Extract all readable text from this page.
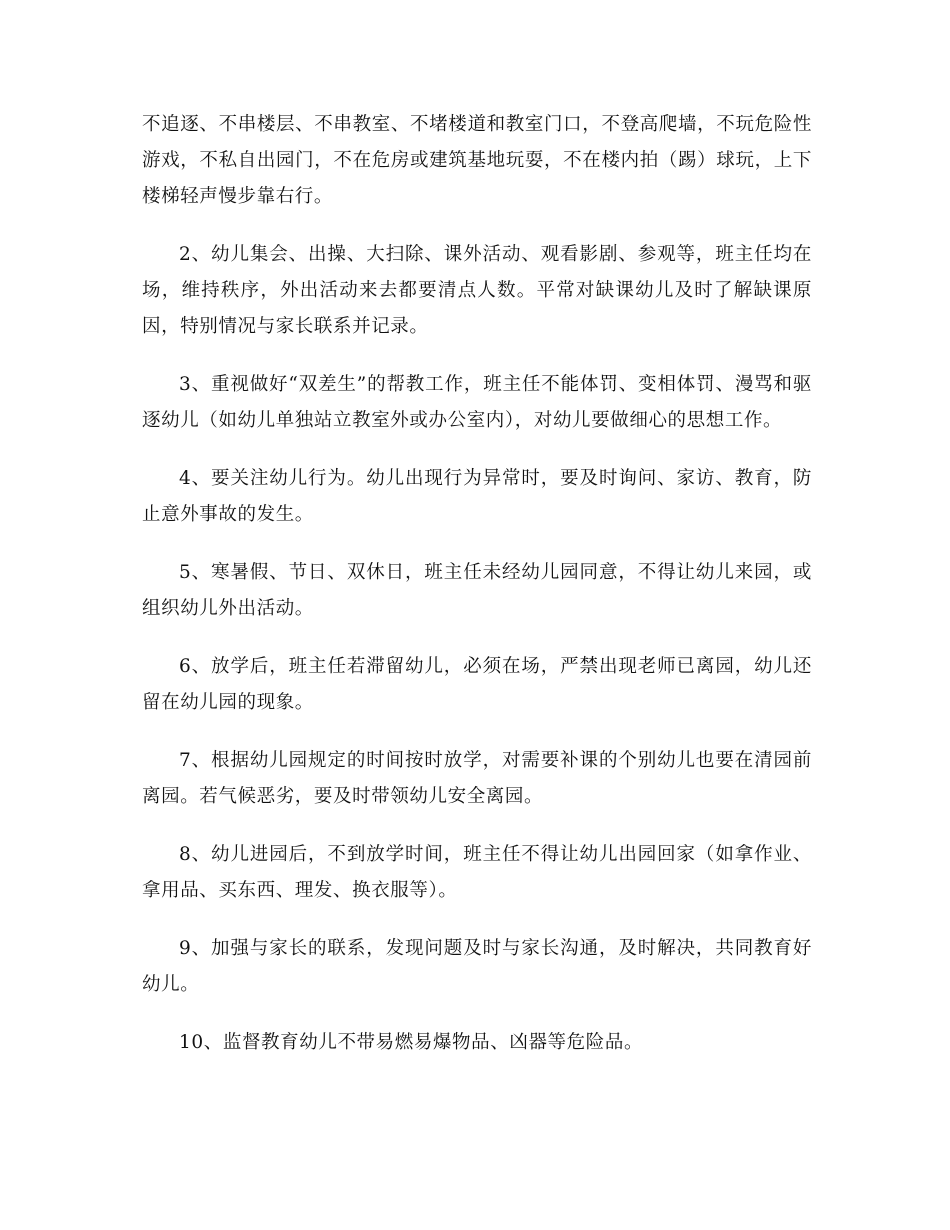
不追逐、不串楼层、不串教室、不堵楼道和教室门口，不登高爬墙，不玩危险性游戏，不私自出园门，不在危房或建筑基地玩耍，不在楼内拍（踢）球玩，上下楼梯轻声慢步靠右行。

2、幼儿集会、出操、大扫除、课外活动、观看影剧、参观等，班主任均在场，维持秩序，外出活动来去都要清点人数。平常对缺课幼儿及时了解缺课原因，特别情况与家长联系并记录。

3、重视做好“双差生”的帮教工作，班主任不能体罚、变相体罚、漫骂和驱逐幼儿（如幼儿单独站立教室外或办公室内），对幼儿要做细心的思想工作。

4、要关注幼儿行为。幼儿出现行为异常时，要及时询问、家访、教育，防止意外事故的发生。

5、寒暑假、节日、双休日，班主任未经幼儿园同意，不得让幼儿来园，或组织幼儿外出活动。

6、放学后，班主任若滞留幼儿，必须在场，严禁出现老师已离园，幼儿还留在幼儿园的现象。

7、根据幼儿园规定的时间按时放学，对需要补课的个别幼儿也要在清园前离园。若气候恶劣，要及时带领幼儿安全离园。

8、幼儿进园后，不到放学时间，班主任不得让幼儿出园回家（如拿作业、拿用品、买东西、理发、换衣服等）。

9、加强与家长的联系，发现问题及时与家长沟通，及时解决，共同教育好幼儿。

10、监督教育幼儿不带易燃易爆物品、凶器等危险品。
